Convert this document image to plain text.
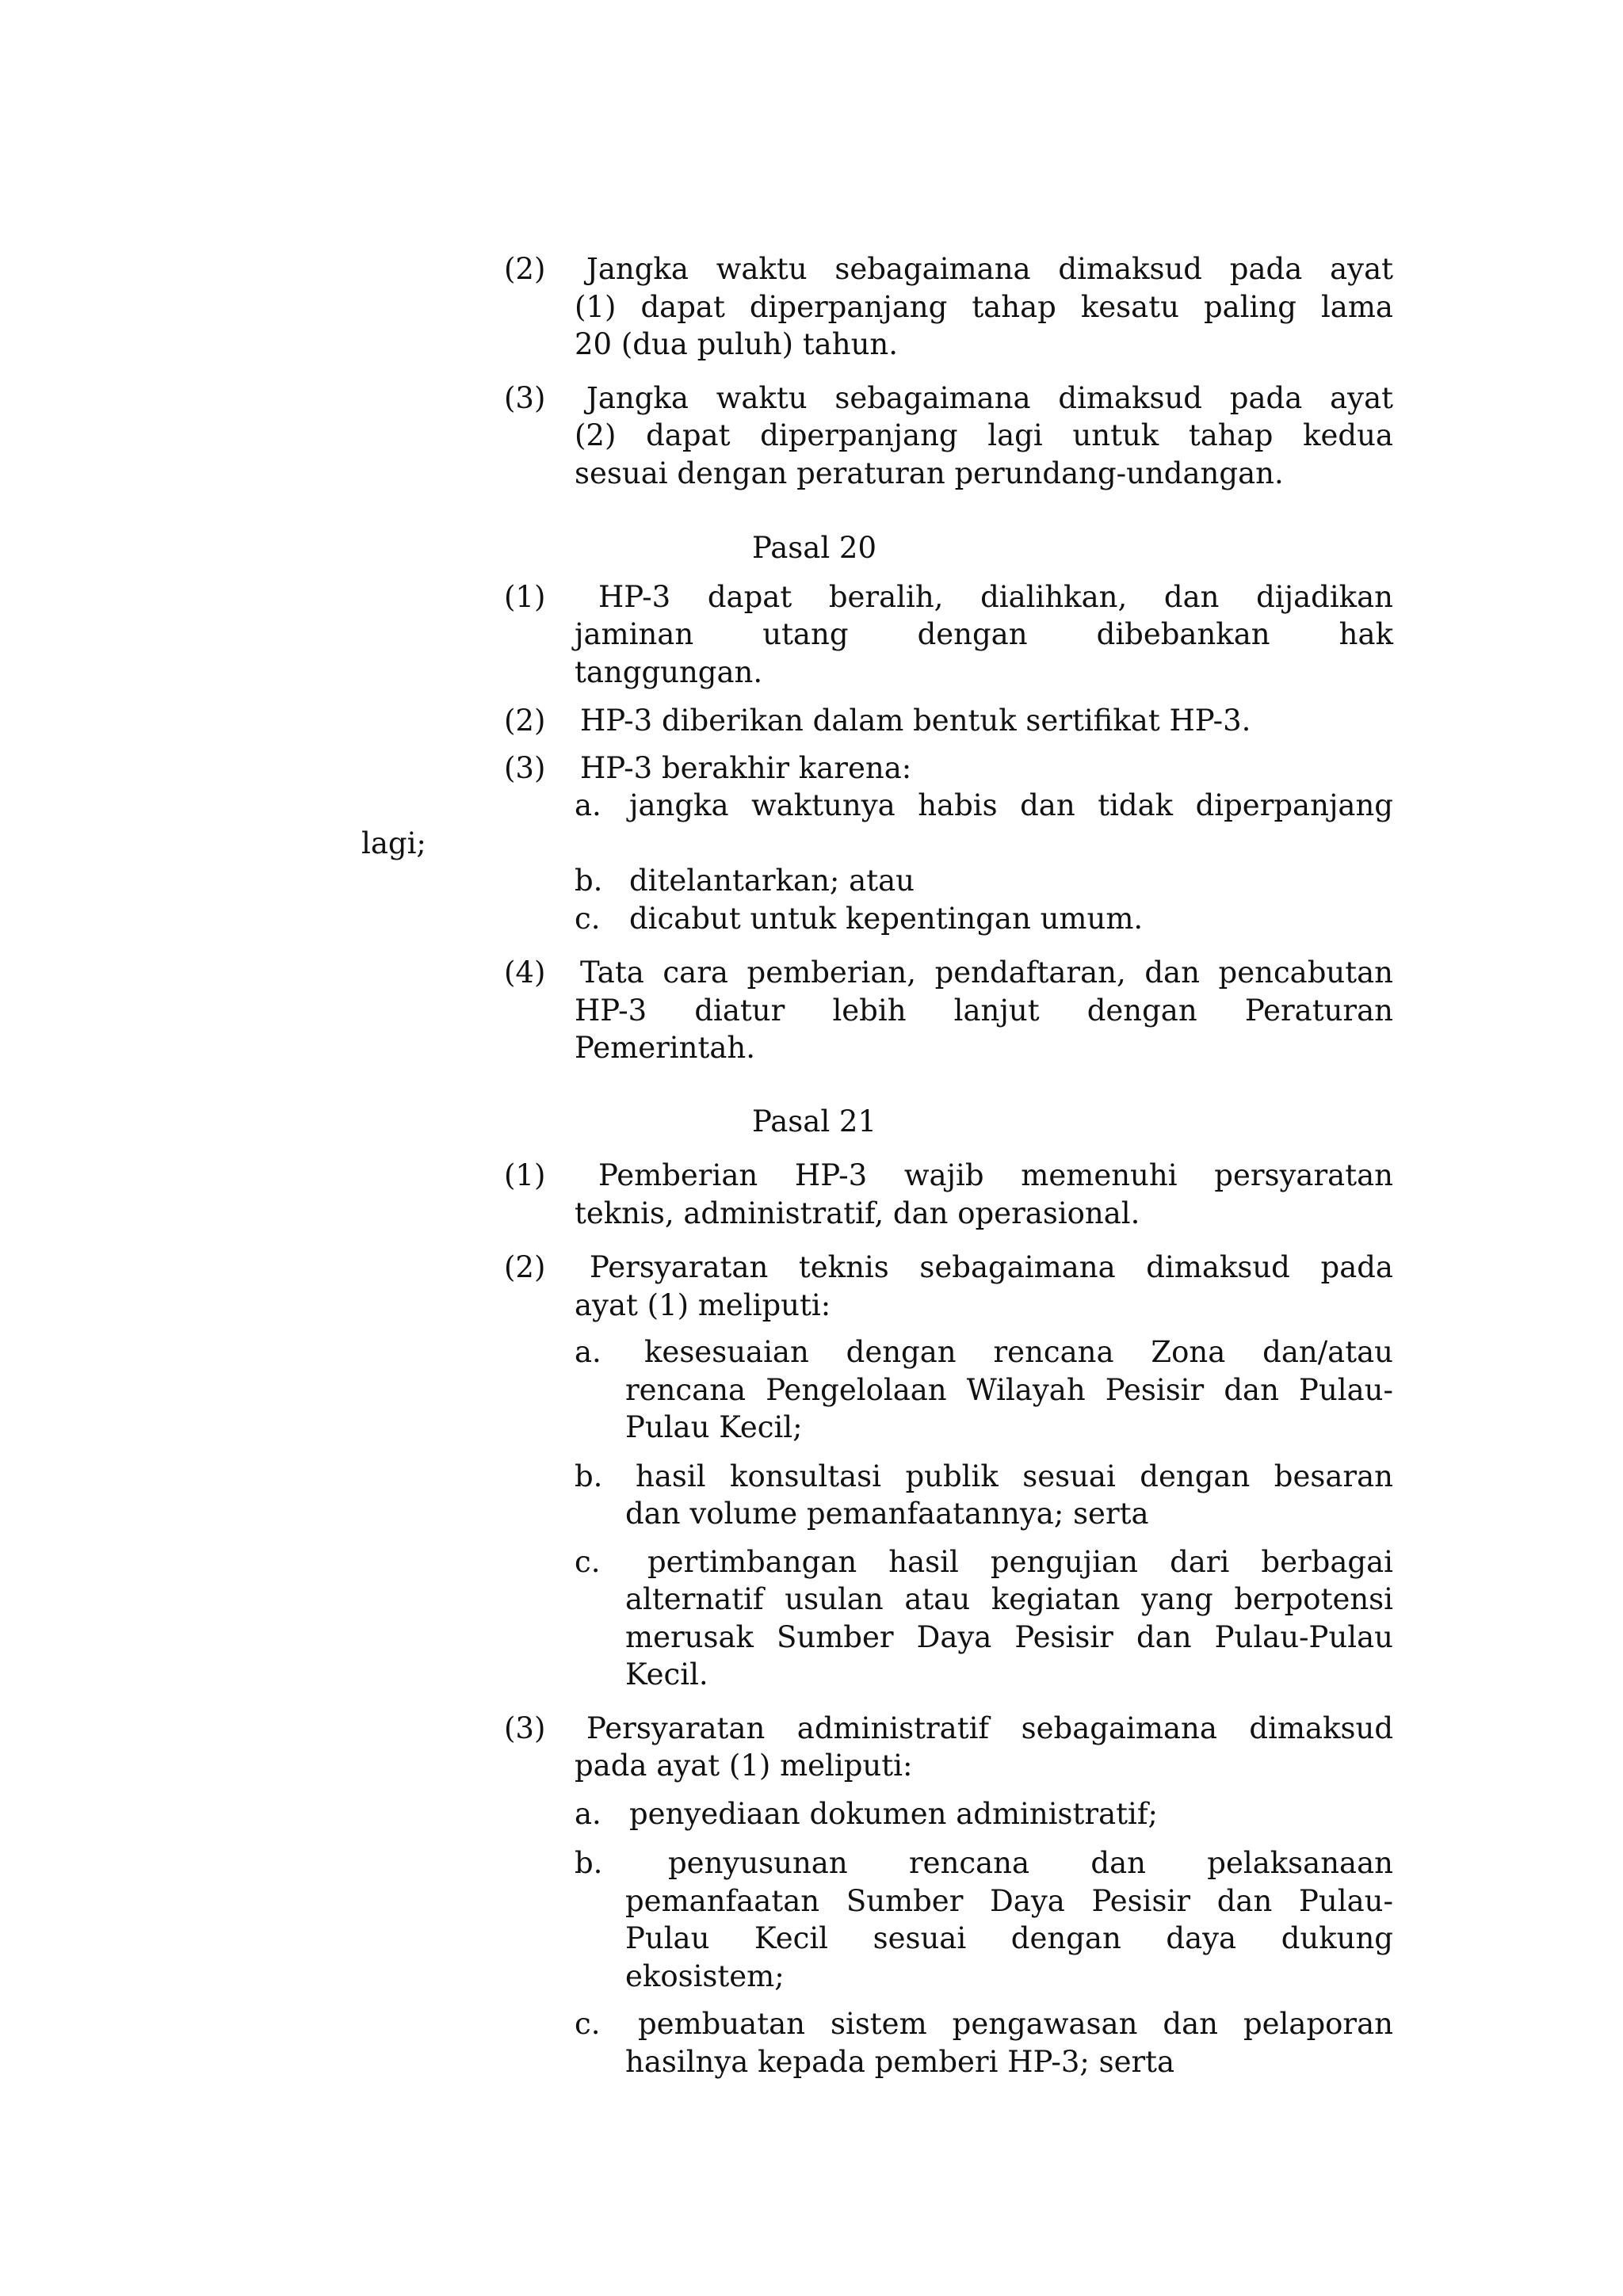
(2)	Jangka waktu sebagaimana dimaksud pada ayat
(1) dapat diperpanjang tahap kesatu paling lama
20 (dua puluh) tahun.
(3)	Jangka waktu sebagaimana dimaksud pada ayat
(2) dapat diperpanjang lagi untuk tahap kedua
sesuai dengan peraturan perundang-undangan.
Pasal 20
(1)	HP-3 dapat beralih, dialihkan, dan dijadikan
jaminan utang dengan dibebankan hak
tanggungan.
(2) HP-3 diberikan dalam bentuk sertifikat HP-3.
(3) HP-3 berakhir karena:
a. jangka waktunya habis dan tidak diperpanjang
lagi;
b. ditelantarkan; atau
c. dicabut untuk kepentingan umum.
(4) Tata cara pemberian, pendaftaran, dan pencabutan
HP-3 diatur lebih lanjut dengan Peraturan
Pemerintah.
Pasal 21
(1)	Pemberian HP-3 wajib memenuhi persyaratan
teknis, administratif, dan operasional.
(2)	Persyaratan teknis sebagaimana dimaksud pada
ayat (1) meliputi:
a.	kesesuaian dengan rencana Zona dan/atau
rencana Pengelolaan Wilayah Pesisir dan Pulau-
Pulau Kecil;
b.	hasil konsultasi publik sesuai dengan besaran
dan volume pemanfaatannya; serta
c.	pertimbangan hasil pengujian dari berbagai
alternatif usulan atau kegiatan yang berpotensi
merusak Sumber Daya Pesisir dan Pulau-Pulau
Kecil.
(3)	Persyaratan administratif sebagaimana dimaksud
pada ayat (1) meliputi:
a. penyediaan dokumen administratif;
b.	penyusunan rencana dan pelaksanaan
pemanfaatan Sumber Daya Pesisir dan Pulau-
Pulau Kecil sesuai dengan daya dukung
ekosistem;
c.	pembuatan sistem pengawasan dan pelaporan
hasilnya kepada pemberi HP-3; serta
